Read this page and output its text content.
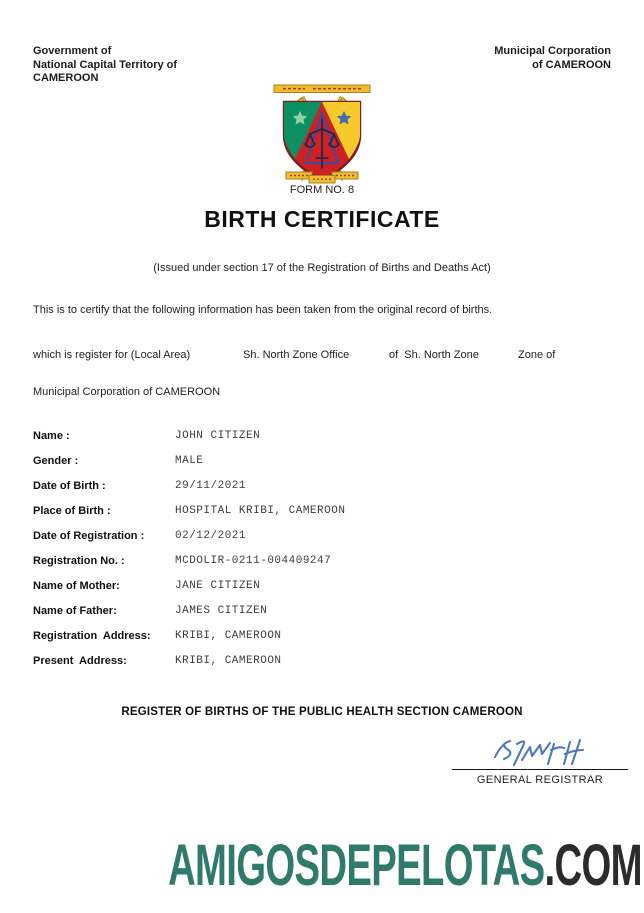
Government of
National Capital Territory of
CAMEROON
Municipal Corporation
of CAMEROON
FORM NO. 8
BIRTH CERTIFICATE
(Issued under section 17 of the Registration of Births and Deaths Act)
This is to certify that the following information has been taken from the original record of births.
which is register for (Local Area)	Sh. North Zone Office	of  Sh. North Zone	Zone of
Municipal Corporation of CAMEROON
Name :	JOHN CITIZEN
Gender :	MALE
Date of Birth :	29/11/2021
Place of Birth :	HOSPITAL KRIBI, CAMEROON
Date of Registration :	02/12/2021
Registration No. :	MCDOLIR-0211-004409247
Name of Mother:	JANE CITIZEN
Name of Father:	JAMES CITIZEN
Registration  Address: KRIBI, CAMEROON
Present  Address:	KRIBI, CAMEROON
REGISTER OF BIRTHS OF THE PUBLIC HEALTH SECTION CAMEROON
GENERAL REGISTRAR
AMIGOSDEPELOTAS.COM
